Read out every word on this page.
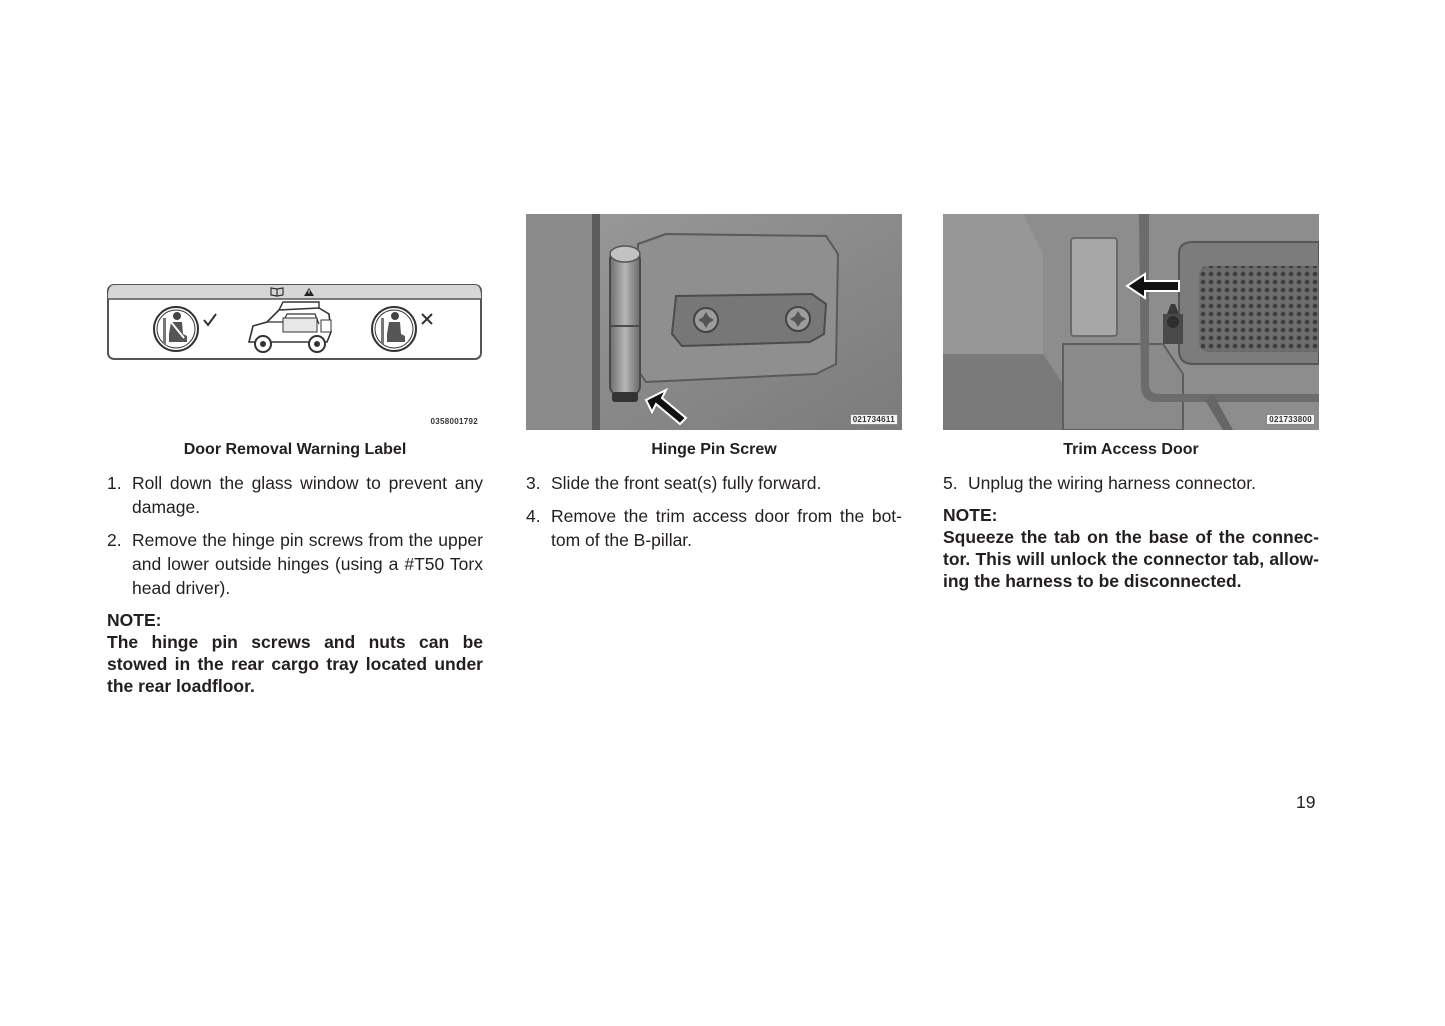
0358001792
Door Removal Warning Label
1. Roll down the glass window to prevent any damage.
2. Remove the hinge pin screws from the upper and lower outside hinges (using a #T50 Torx head driver).
NOTE:
The hinge pin screws and nuts can be stowed in the rear cargo tray located under the rear loadfloor.
021734611
Hinge Pin Screw
3. Slide the front seat(s) fully forward.
4. Remove the trim access door from the bot-tom of the B-pillar.
021733800
Trim Access Door
5. Unplug the wiring harness connector.
NOTE:
Squeeze the tab on the base of the connec-tor. This will unlock the connector tab, allow-ing the harness to be disconnected.
19
